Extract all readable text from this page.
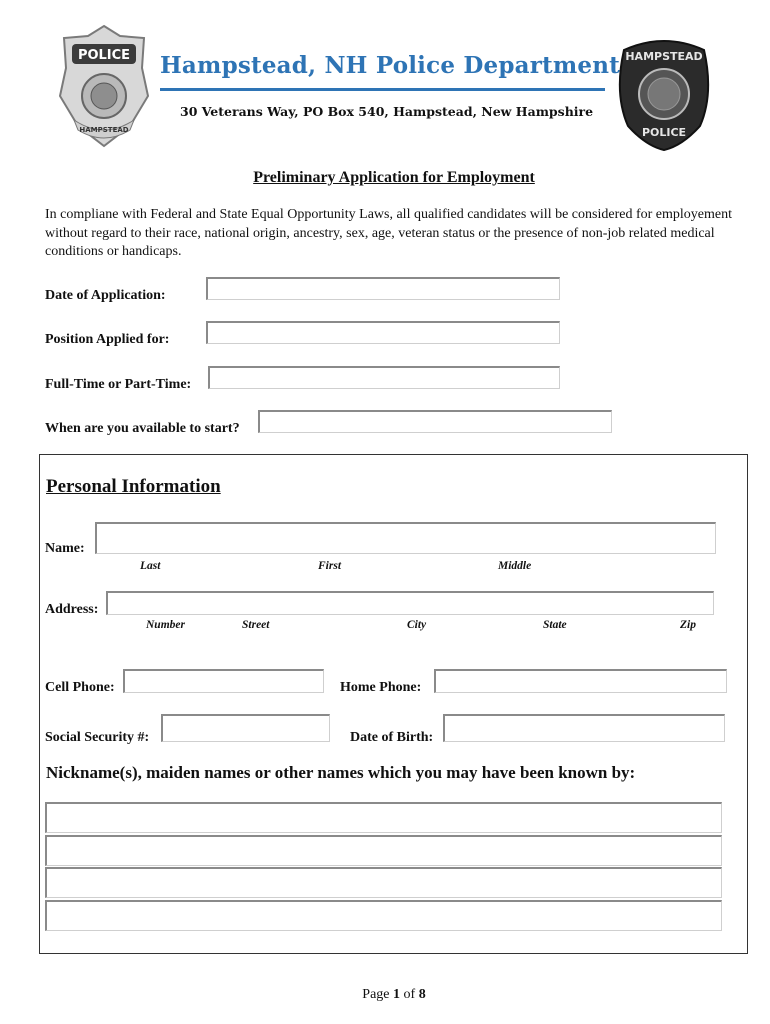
POLICE
HAMPSTEAD
Hampstead, NH Police Department
30 Veterans Way, PO Box 540, Hampstead, New Hampshire
HAMPSTEAD
POLICE
Preliminary Application for Employment
In compliane with Federal and State Equal Opportunity Laws, all qualified candidates will be considered for employement without regard to their race, national origin, ancestry, sex, age, veteran status or the presence of non-job related medical conditions or handicaps.
Date of Application:
Position Applied for:
Full-Time or Part-Time:
When are you available to start?
Personal Information
Name:
Last	First	Middle
Address:
Number	Street	City	State	Zip
Cell Phone:	Home Phone:
Social Security #:	Date of Birth:
Nickname(s), maiden names or other names which you may have been known by:
Page 1 of 8
